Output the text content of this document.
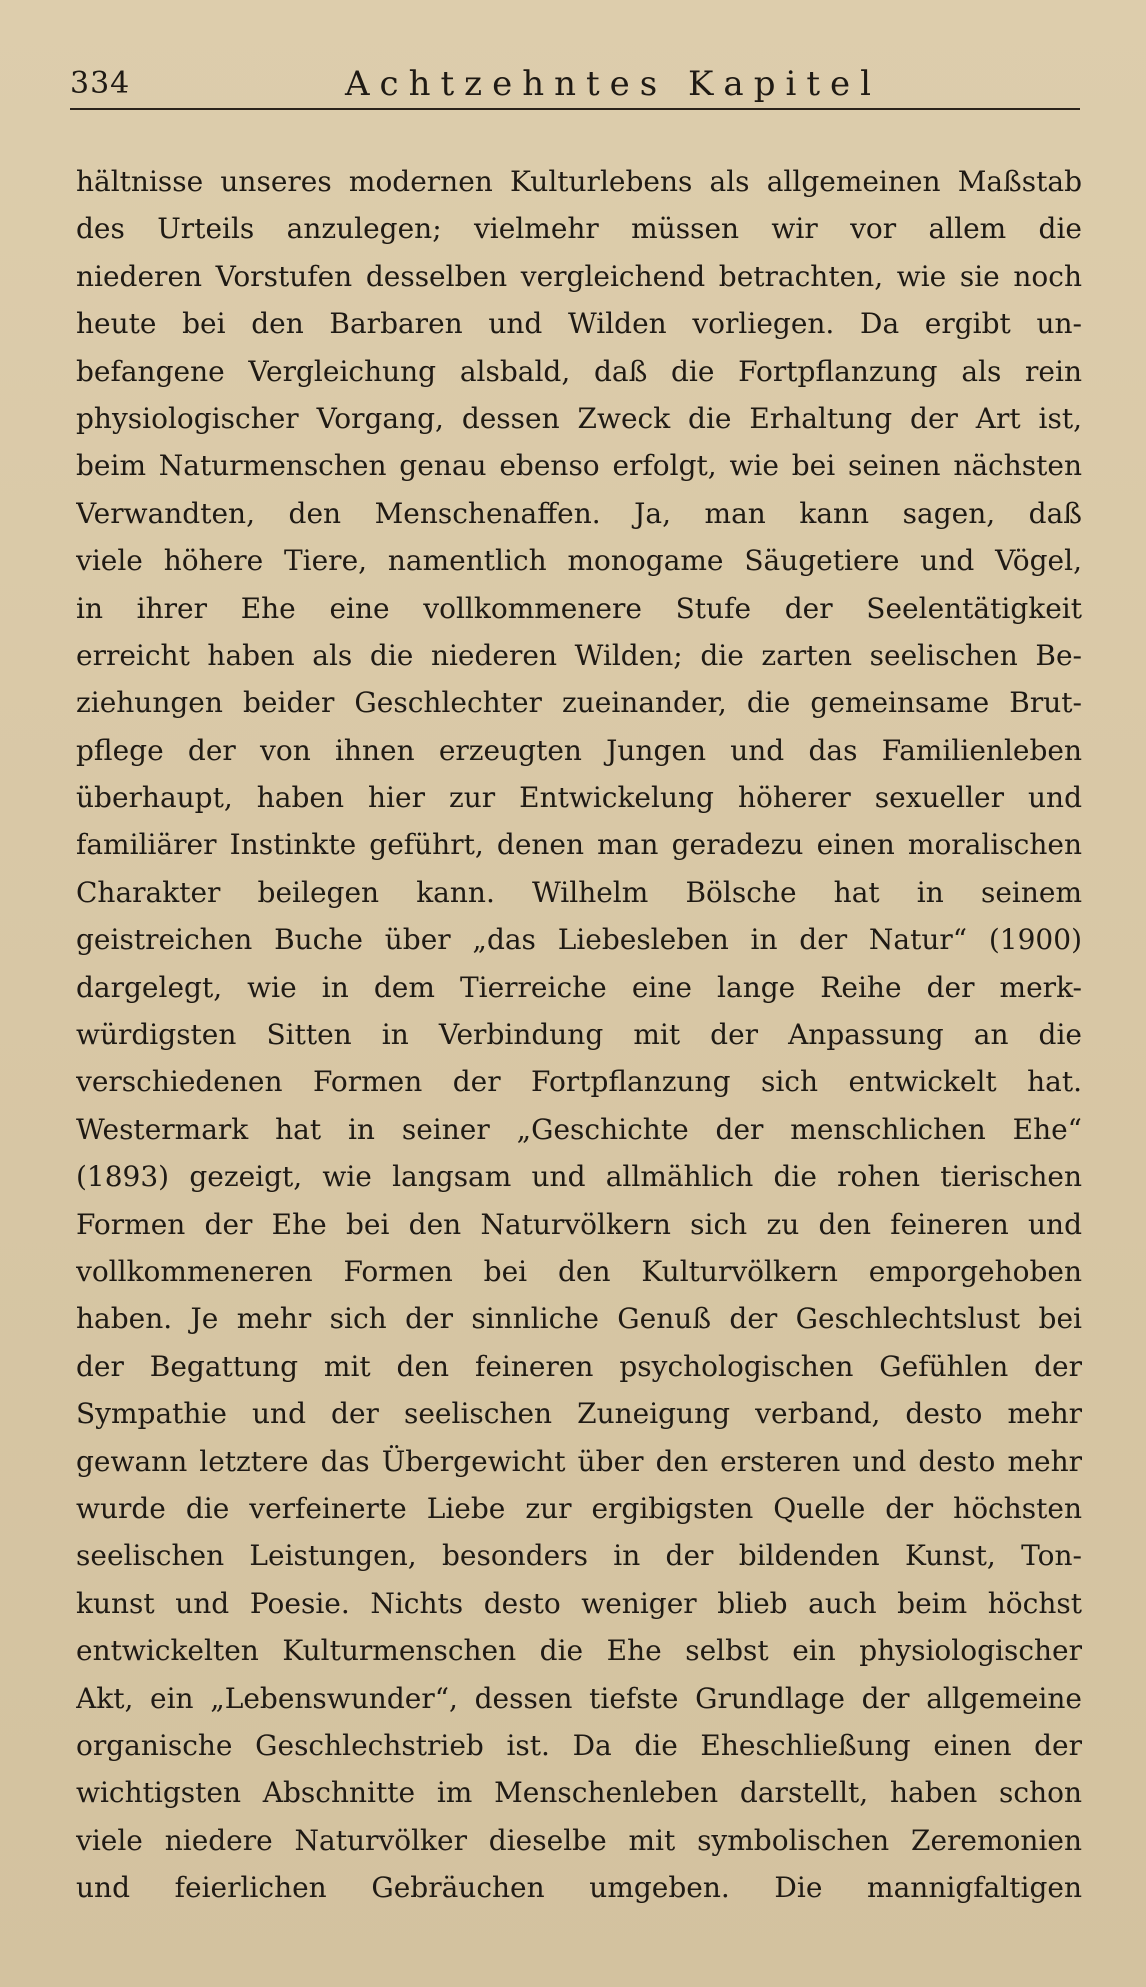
334	Achtzehntes Kapitel
hältnisse unseres modernen Kulturlebens als allgemeinen Maßstab
des Urteils anzulegen; vielmehr müssen wir vor allem die
niederen Vorstufen desselben vergleichend betrachten, wie sie noch
heute bei den Barbaren und Wilden vorliegen. Da ergibt un-
befangene Vergleichung alsbald, daß die Fortpflanzung als rein
physiologischer Vorgang, dessen Zweck die Erhaltung der Art ist,
beim Naturmenschen genau ebenso erfolgt, wie bei seinen nächsten
Verwandten, den Menschenaffen. Ja, man kann sagen, daß
viele höhere Tiere, namentlich monogame Säugetiere und Vögel,
in ihrer Ehe eine vollkommenere Stufe der Seelentätigkeit
erreicht haben als die niederen Wilden; die zarten seelischen Be-
ziehungen beider Geschlechter zueinander, die gemeinsame Brut-
pflege der von ihnen erzeugten Jungen und das Familienleben
überhaupt, haben hier zur Entwickelung höherer sexueller und
familiärer Instinkte geführt, denen man geradezu einen moralischen
Charakter beilegen kann. Wilhelm Bölsche hat in seinem
geistreichen Buche über „das Liebesleben in der Natur“ (1900)
dargelegt, wie in dem Tierreiche eine lange Reihe der merk-
würdigsten Sitten in Verbindung mit der Anpassung an die
verschiedenen Formen der Fortpflanzung sich entwickelt hat.
Westermark hat in seiner „Geschichte der menschlichen Ehe“
(1893) gezeigt, wie langsam und allmählich die rohen tierischen
Formen der Ehe bei den Naturvölkern sich zu den feineren und
vollkommeneren Formen bei den Kulturvölkern emporgehoben
haben. Je mehr sich der sinnliche Genuß der Geschlechtslust bei
der Begattung mit den feineren psychologischen Gefühlen der
Sympathie und der seelischen Zuneigung verband, desto mehr
gewann letztere das Übergewicht über den ersteren und desto mehr
wurde die verfeinerte Liebe zur ergibigsten Quelle der höchsten
seelischen Leistungen, besonders in der bildenden Kunst, Ton-
kunst und Poesie. Nichts desto weniger blieb auch beim höchst
entwickelten Kulturmenschen die Ehe selbst ein physiologischer
Akt, ein „Lebenswunder“, dessen tiefste Grundlage der allgemeine
organische Geschlechstrieb ist. Da die Eheschließung einen der
wichtigsten Abschnitte im Menschenleben darstellt, haben schon
viele niedere Naturvölker dieselbe mit symbolischen Zeremonien
und feierlichen Gebräuchen umgeben. Die mannigfaltigen
